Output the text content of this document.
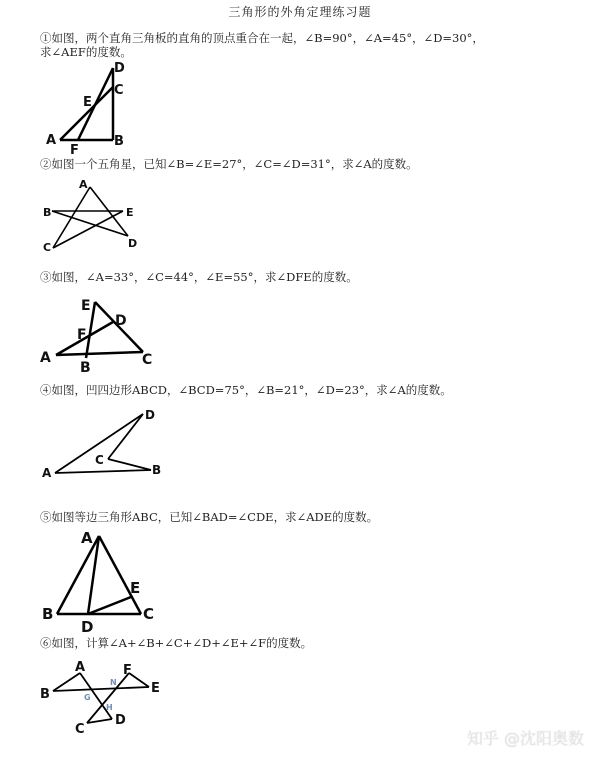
三角形的外角定理练习题
①如图，两个直角三角板的直角的顶点重合在一起，∠B=90°，∠A=45°，∠D=30°，
求∠AEF的度数。
D
C
E
A	B
F
②如图一个五角星，已知∠B=∠E=27°，∠C=∠D=31°，求∠A的度数。
A
B	E
C	D
③如图，∠A=33°，∠C=44°，∠E=55°，求∠DFE的度数。
E
D
F
A
B	C
④如图，凹四边形ABCD，∠BCD=75°，∠B=21°，∠D=23°，求∠A的度数。
D
C
B
A
⑤如图等边三角形ABC，已知∠BAD=∠CDE，求∠ADE的度数。
A
E
B	C
D
⑥如图，计算∠A+∠B+∠C+∠D+∠E+∠F的度数。
A	F
E
B
D
C
G
N
H
知乎 @沈阳奥数
